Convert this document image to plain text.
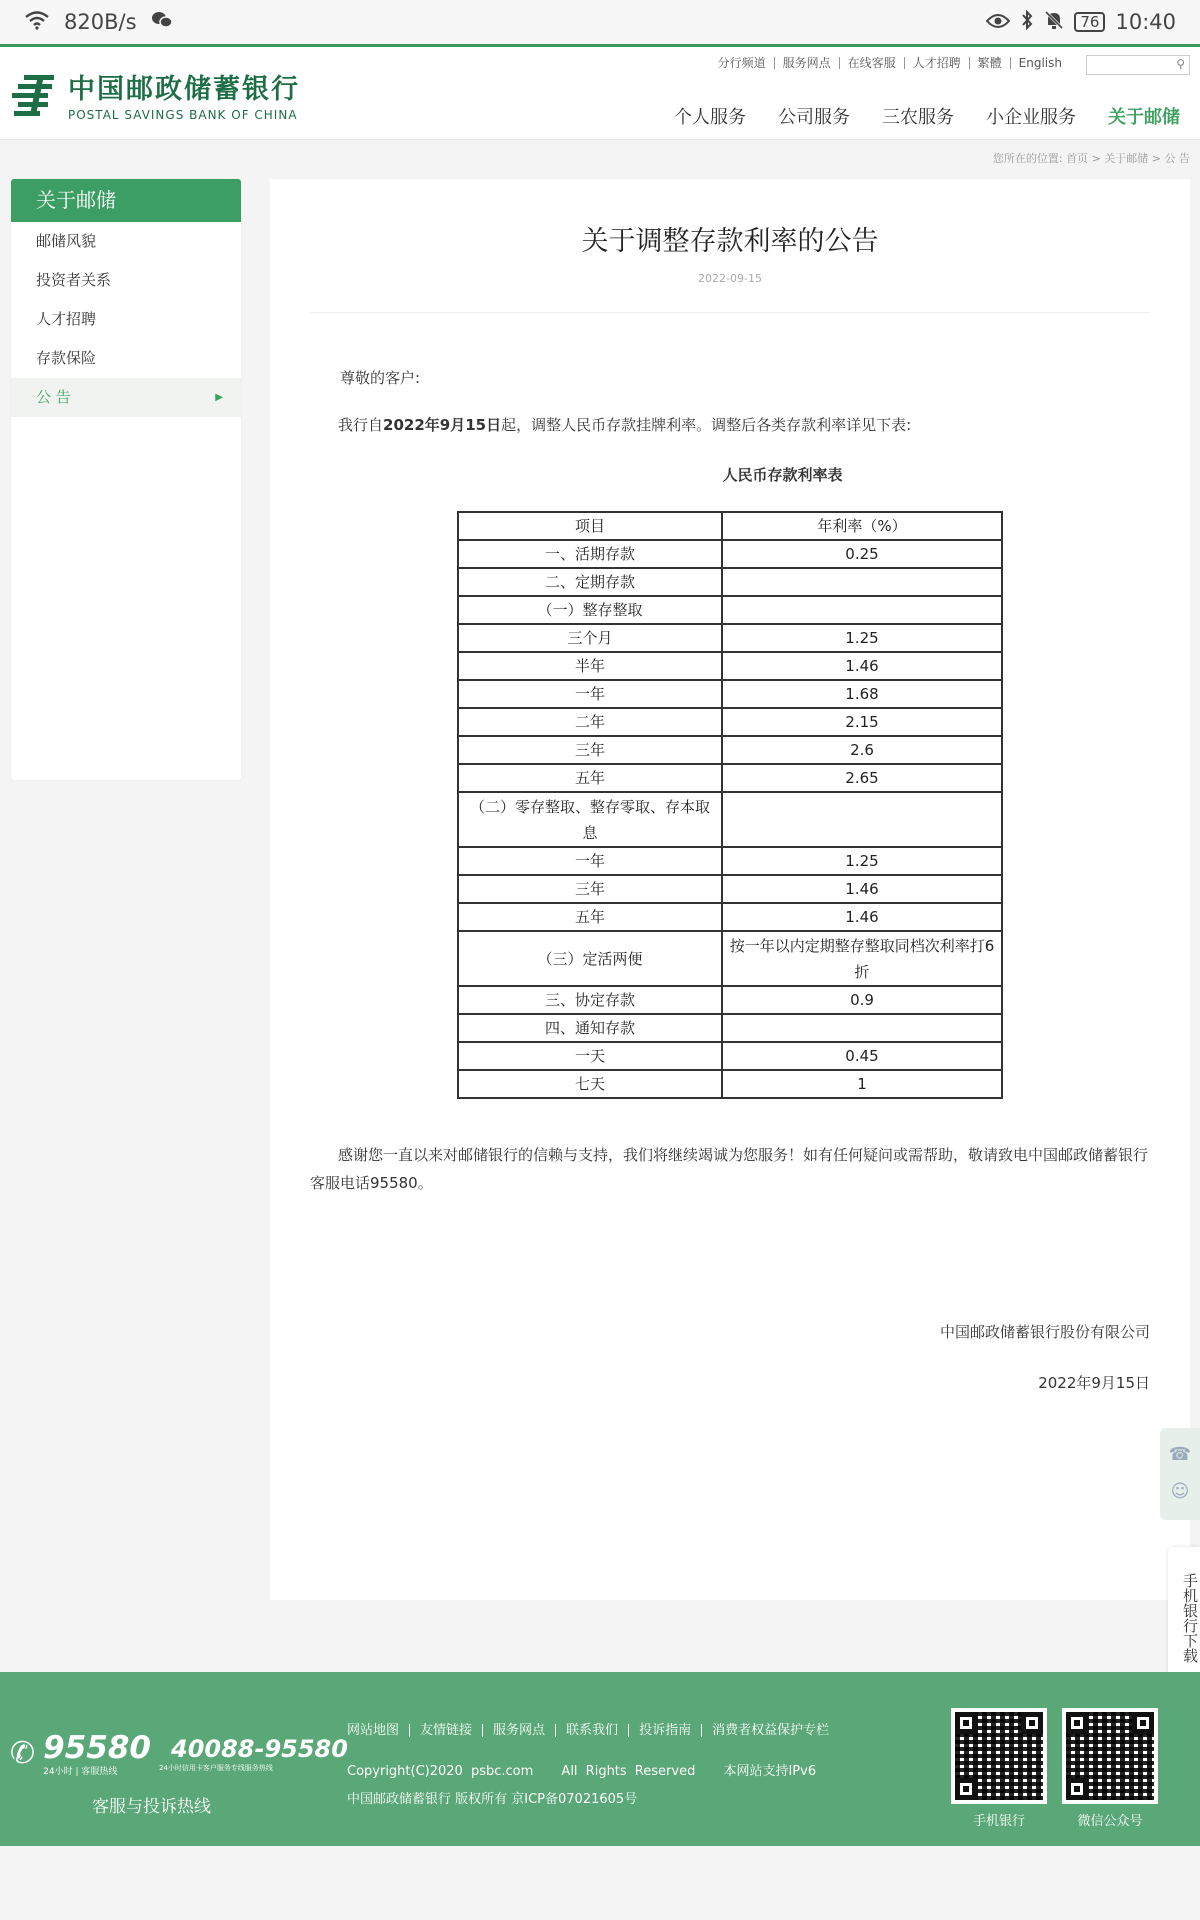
820B/s	76 10:40
中国邮政储蓄银行
POSTAL SAVINGS BANK OF CHINA
分行频道	服务网点	在线客服	人才招聘	繁體	English	⚲
个人服务 公司服务 三农服务 小企业服务 关于邮储
您所在的位置: 首页 > 关于邮储 > 公 告
关于邮储
邮储风貌
投资者关系
人才招聘
存款保险
公 告	▶
关于调整存款利率的公告
2022-09-15
尊敬的客户:
我行自2022年9月15日起，调整人民币存款挂牌利率。调整后各类存款利率详见下表:
人民币存款利率表
项目	年利率（%）
一、活期存款	0.25
二、定期存款	
（一）整存整取	
三个月	1.25
半年	1.46
一年	1.68
二年	2.15
三年	2.6
五年	2.65
（二）零存整取、整存零取、存本取息	
一年	1.25
三年	1.46
五年	1.46
（三）定活两便	按一年以内定期整存整取同档次利率打6折
三、协定存款	0.9
四、通知存款	
一天	0.45
七天	1
感谢您一直以来对邮储银行的信赖与支持，我们将继续竭诚为您服务！如有任何疑问或需帮助，敬请致电中国邮政储蓄银行客服电话95580。
中国邮政储蓄银行股份有限公司
2022年9月15日
☎
☺
手机银行下载
✆ 95580
24小时 | 客服热线
40088-95580
24小时信用卡客户服务专线服务热线
客服与投诉热线
网站地图	友情链接	服务网点	联系我们	投诉指南	消费者权益保护专栏
Copyright(C)2020 psbc.com All Rights Reserved 本网站支持IPv6
中国邮政储蓄银行 版权所有 京ICP备07021605号
手机银行	微信公众号
